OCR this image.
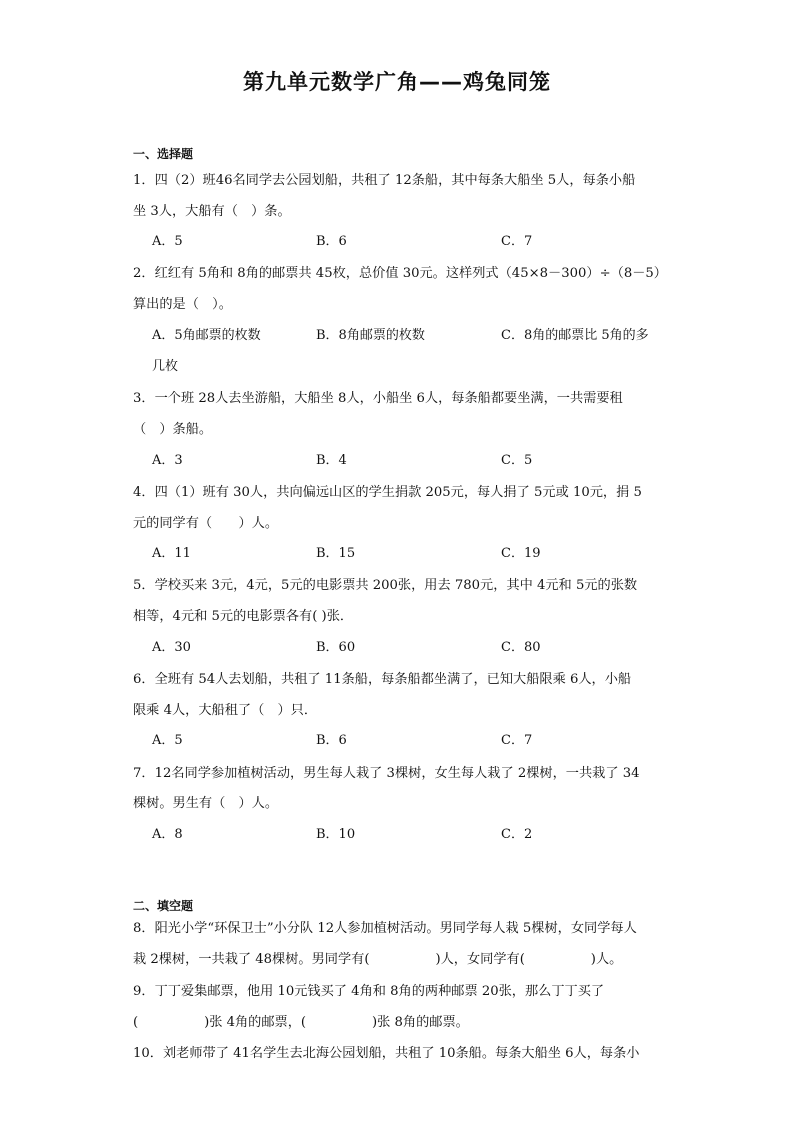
第九单元数学广角——鸡兔同笼
一、选择题
1．四（2）班46名同学去公园划船，共租了 12条船，其中每条大船坐 5人，每条小船
坐 3人，大船有（　）条。
A．5	B．6	C．7
2．红红有 5角和 8角的邮票共 45枚，总价值 30元。这样列式（45×8－300）÷（8－5）
算出的是（　）。
A．5角邮票的枚数	B．8角邮票的枚数	C．8角的邮票比 5角的多
几枚
3．一个班 28人去坐游船，大船坐 8人，小船坐 6人，每条船都要坐满，一共需要租
（　）条船。
A．3	B．4	C．5
4．四（1）班有 30人，共向偏远山区的学生捐款 205元，每人捐了 5元或 10元，捐 5
元的同学有（　　）人。
A．11	B．15	C．19
5．学校买来 3元，4元，5元的电影票共 200张，用去 780元，其中 4元和 5元的张数
相等，4元和 5元的电影票各有( )张．
A．30	B．60	C．80
6．全班有 54人去划船，共租了 11条船，每条船都坐满了，已知大船限乘 6人，小船
限乘 4人，大船租了（　）只．
A．5	B．6	C．7
7．12名同学参加植树活动，男生每人栽了 3棵树，女生每人栽了 2棵树，一共栽了 34
棵树。男生有（　）人。
A．8	B．10	C．2
二、填空题
8．阳光小学“环保卫士”小分队 12人参加植树活动。男同学每人栽 5棵树，女同学每人
栽 2棵树，一共栽了 48棵树。男同学有(　　　　　)人，女同学有(　　　　　)人。
9．丁丁爱集邮票，他用 10元钱买了 4角和 8角的两种邮票 20张，那么丁丁买了
(　　　　　)张 4角的邮票，(　　　　　)张 8角的邮票。
10．刘老师带了 41名学生去北海公园划船，共租了 10条船。每条大船坐 6人，每条小
